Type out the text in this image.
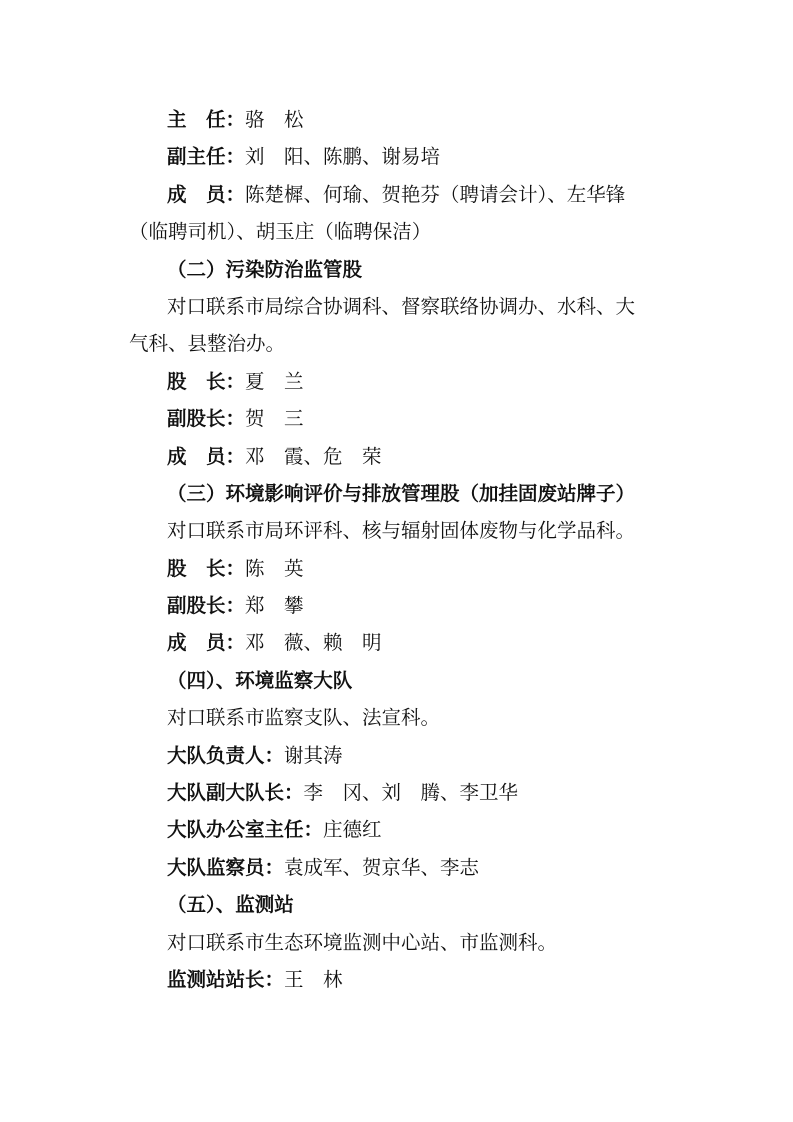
主　任：骆　松
副主任：刘　阳、陈鹏、谢易培
成　员：陈楚樨、何瑜、贺艳芬（聘请会计）、左华锋
（临聘司机）、胡玉庄（临聘保洁）
（二）污染防治监管股
对口联系市局综合协调科、督察联络协调办、水科、大
气科、县整治办。
股　长：夏　兰
副股长：贺　三
成　员：邓　霞、危　荣
（三）环境影响评价与排放管理股（加挂固废站牌子）
对口联系市局环评科、核与辐射固体废物与化学品科。
股　长：陈　英
副股长：郑　攀
成　员：邓　薇、赖　明
（四）、环境监察大队
对口联系市监察支队、法宣科。
大队负责人：谢其涛
大队副大队长：李　冈、刘　腾、李卫华
大队办公室主任：庄德红
大队监察员：袁成军、贺京华、李志
（五）、监测站
对口联系市生态环境监测中心站、市监测科。
监测站站长：王　林
